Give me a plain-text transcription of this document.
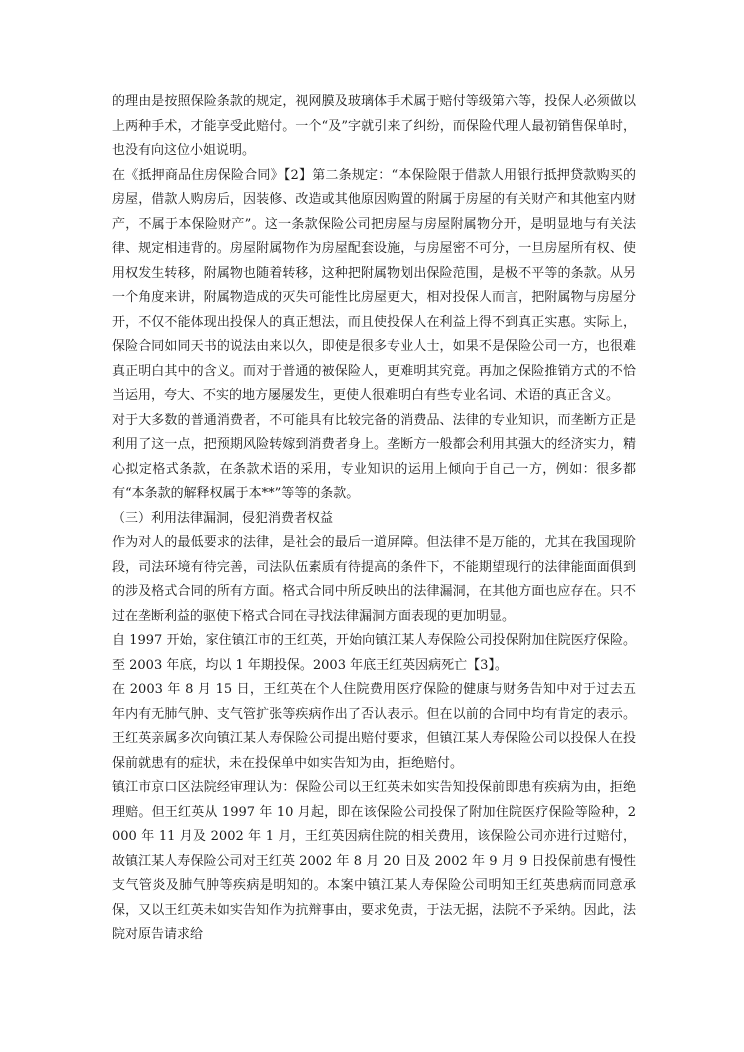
的理由是按照保险条款的规定，视网膜及玻璃体手术属于赔付等级第六等，投保人必须做以上两种手术，才能享受此赔付。一个“及”字就引来了纠纷，而保险代理人最初销售保单时，也没有向这位小姐说明。

在《抵押商品住房保险合同》【2】第二条规定：“本保险限于借款人用银行抵押贷款购买的房屋，借款人购房后，因装修、改造或其他原因购置的附属于房屋的有关财产和其他室内财产，不属于本保险财产”。这一条款保险公司把房屋与房屋附属物分开，是明显地与有关法律、规定相违背的。房屋附属物作为房屋配套设施，与房屋密不可分，一旦房屋所有权、使用权发生转移，附属物也随着转移，这种把附属物划出保险范围，是极不平等的条款。从另一个角度来讲，附属物造成的灭失可能性比房屋更大，相对投保人而言，把附属物与房屋分开，不仅不能体现出投保人的真正想法，而且使投保人在利益上得不到真正实惠。实际上，保险合同如同天书的说法由来以久，即使是很多专业人士，如果不是保险公司一方，也很难真正明白其中的含义。而对于普通的被保险人，更难明其究竟。再加之保险推销方式的不恰当运用，夸大、不实的地方屡屡发生，更使人很难明白有些专业名词、术语的真正含义。

对于大多数的普通消费者，不可能具有比较完备的消费品、法律的专业知识，而垄断方正是利用了这一点，把预期风险转嫁到消费者身上。垄断方一般都会利用其强大的经济实力，精心拟定格式条款，在条款术语的采用，专业知识的运用上倾向于自己一方，例如：很多都有“本条款的解释权属于本**”等等的条款。

（三）利用法律漏洞，侵犯消费者权益

作为对人的最低要求的法律，是社会的最后一道屏障。但法律不是万能的，尤其在我国现阶段，司法环境有待完善，司法队伍素质有待提高的条件下，不能期望现行的法律能面面俱到的涉及格式合同的所有方面。格式合同中所反映出的法律漏洞，在其他方面也应存在。只不过在垄断利益的驱使下格式合同在寻找法律漏洞方面表现的更加明显。

自 1997 开始，家住镇江市的王红英，开始向镇江某人寿保险公司投保附加住院医疗保险。至 2003 年底，均以 1 年期投保。2003 年底王红英因病死亡【3】。

在 2003 年 8 月 15 日，王红英在个人住院费用医疗保险的健康与财务告知中对于过去五年内有无肺气肿、支气管扩张等疾病作出了否认表示。但在以前的合同中均有肯定的表示。王红英亲属多次向镇江某人寿保险公司提出赔付要求，但镇江某人寿保险公司以投保人在投保前就患有的症状，未在投保单中如实告知为由，拒绝赔付。

镇江市京口区法院经审理认为：保险公司以王红英未如实告知投保前即患有疾病为由，拒绝理赔。但王红英从 1997 年 10 月起，即在该保险公司投保了附加住院医疗保险等险种，2000 年 11 月及 2002 年 1 月，王红英因病住院的相关费用，该保险公司亦进行过赔付，故镇江某人寿保险公司对王红英 2002 年 8 月 20 日及 2002 年 9 月 9 日投保前患有慢性支气管炎及肺气肿等疾病是明知的。本案中镇江某人寿保险公司明知王红英患病而同意承保，又以王红英未如实告知作为抗辩事由，要求免责，于法无据，法院不予采纳。因此，法院对原告请求给
